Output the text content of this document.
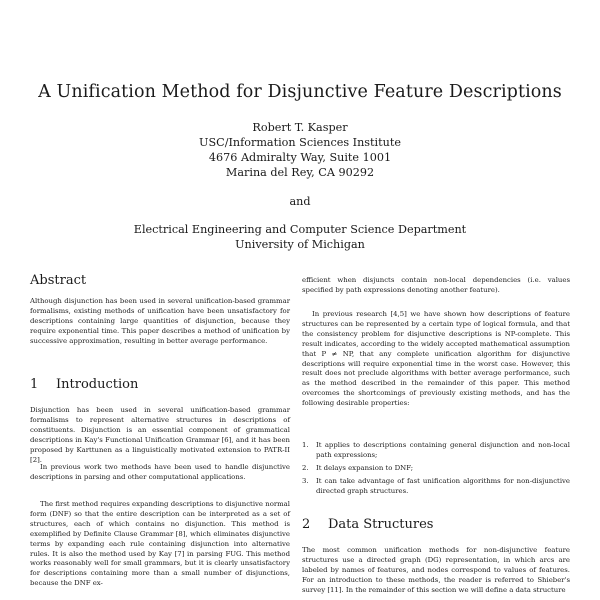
A Unification Method for Disjunctive Feature Descriptions
Robert T. Kasper
USC/Information Sciences Institute
4676 Admiralty Way, Suite 1001
Marina del Rey, CA 90292
and
Electrical Engineering and Computer Science Department
University of Michigan
Abstract

Although disjunction has been used in several unification-based grammar formalisms, existing methods of unification have been unsatisfactory for descriptions containing large quantities of disjunction, because they require exponential time. This paper describes a method of unification by successive approximation, resulting in better average performance.

1 Introduction

Disjunction has been used in several unification-based grammar formalisms to represent alternative structures in descriptions of constituents. Disjunction is an essential component of grammatical descriptions in Kay's Functional Unification Grammar [6], and it has been proposed by Karttunen as a linguistically motivated extension to PATR-II [2].

In previous work two methods have been used to handle disjunctive descriptions in parsing and other computational applications.

The first method requires expanding descriptions to disjunctive normal form (DNF) so that the entire description can be interpreted as a set of structures, each of which contains no disjunction. This method is exemplified by Definite Clause Grammar [8], which eliminates disjunctive terms by expanding each rule containing disjunction into alternative rules. It is also the method used by Kay [7] in parsing FUG. This method works reasonably well for small grammars, but it is clearly unsatisfactory for descriptions containing more than a small number of disjunctions, because the DNF ex-

efficient when disjuncts contain non-local dependencies (i.e. values specified by path expressions denoting another feature).

In previous research [4,5] we have shown how descriptions of feature structures can be represented by a certain type of logical formula, and that the consistency problem for disjunctive descriptions is NP-complete. This result indicates, according to the widely accepted mathematical assumption that P ≠ NP, that any complete unification algorithm for disjunctive descriptions will require exponential time in the worst case. However, this result does not preclude algorithms with better average performance, such as the method described in the remainder of this paper. This method overcomes the shortcomings of previously existing methods, and has the following desirable properties:

1. It applies to descriptions containing general disjunction and non-local path expressions;
2. It delays expansion to DNF;
3. It can take advantage of fast unification algorithms for non-disjunctive directed graph structures.
2 Data Structures

The most common unification methods for non-disjunctive feature structures use a directed graph (DG) representation, in which arcs are labeled by names of features, and nodes correspond to values of features. For an introduction to these methods, the reader is referred to Shieber's survey [11]. In the remainder of this section we will define a data structure
